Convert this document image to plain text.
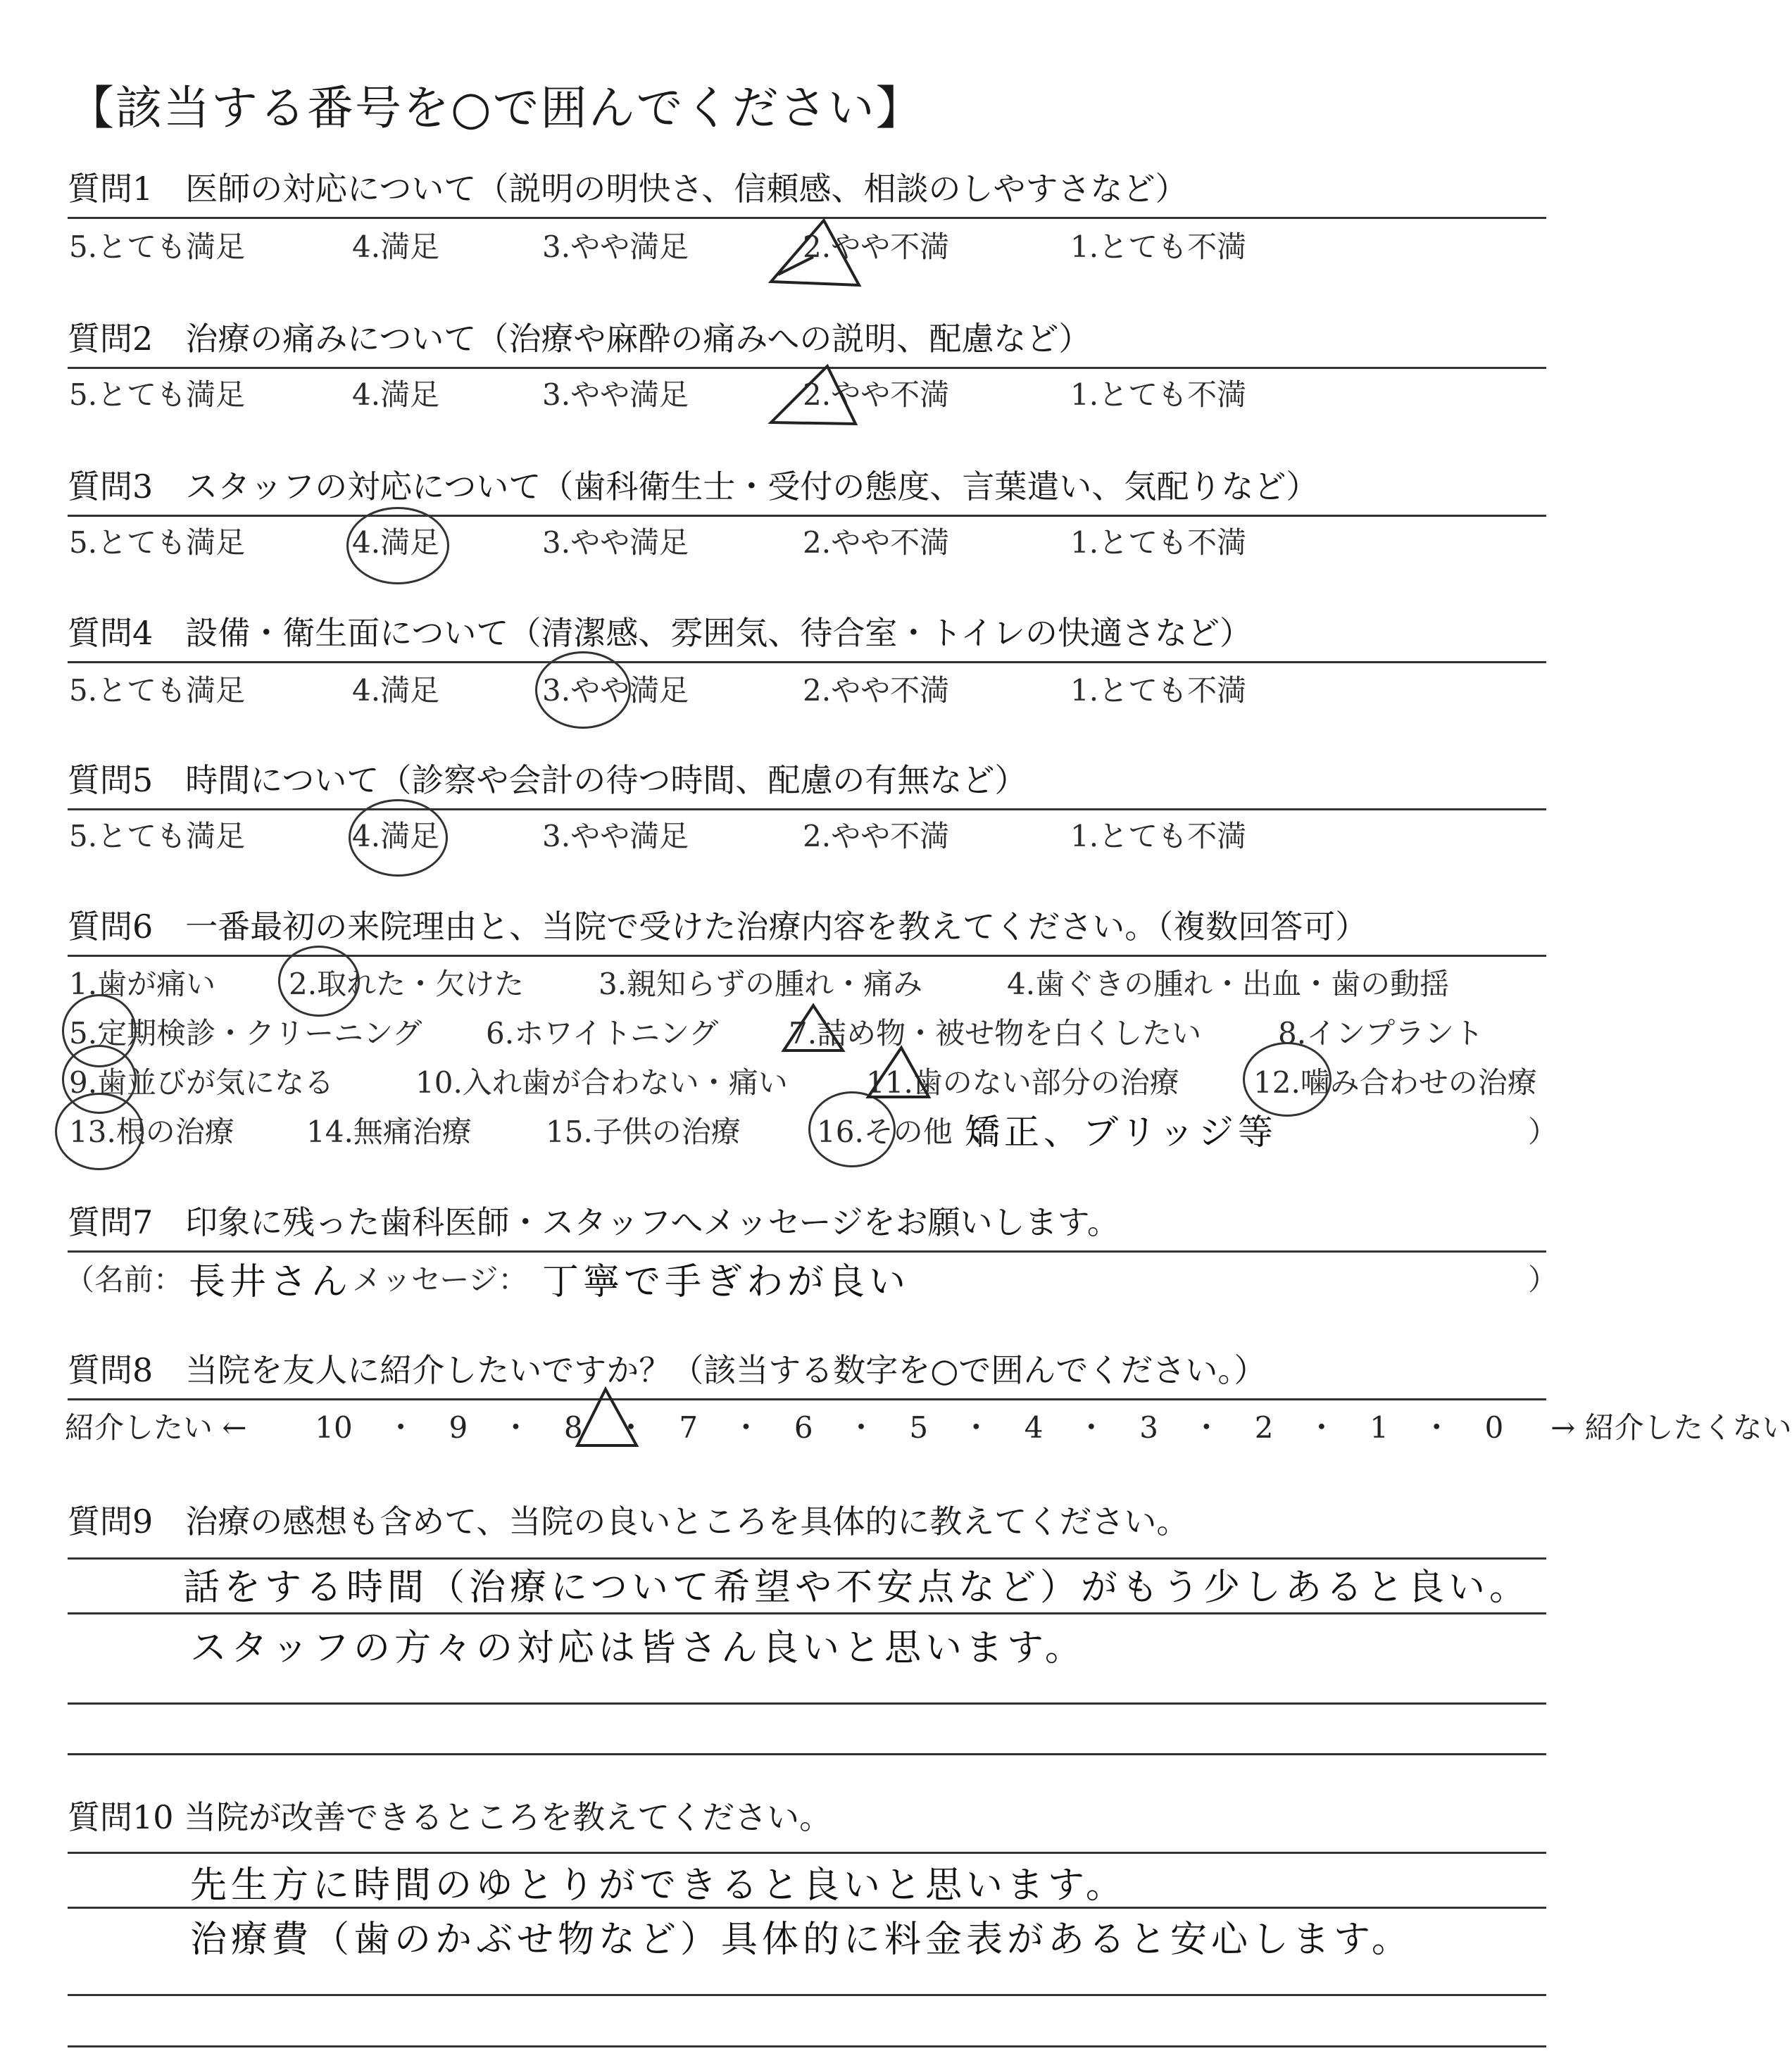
【該当する番号を○で囲んでください】
質問1　医師の対応について（説明の明快さ、信頼感、相談のしやすさなど）
5.とても満足	4.満足	3.やや満足	2.やや不満	1.とても不満
質問2　治療の痛みについて（治療や麻酔の痛みへの説明、配慮など）
5.とても満足	4.満足	3.やや満足	2.やや不満	1.とても不満
質問3　スタッフの対応について（歯科衛生士・受付の態度、言葉遣い、気配りなど）
5.とても満足	4.満足	3.やや満足	2.やや不満	1.とても不満
質問4　設備・衛生面について（清潔感、雰囲気、待合室・トイレの快適さなど）
5.とても満足	4.満足	3.やや満足	2.やや不満	1.とても不満
質問5　時間について（診察や会計の待つ時間、配慮の有無など）
5.とても満足	4.満足	3.やや満足	2.やや不満	1.とても不満
質問6　一番最初の来院理由と、当院で受けた治療内容を教えてください。（複数回答可）
1.歯が痛い 2.取れた・欠けた	3.親知らずの腫れ・痛み	4.歯ぐきの腫れ・出血・歯の動揺
5.定期検診・クリーニング 6.ホワイトニング 7.詰め物・被せ物を白くしたい	8.インプラント
9.歯並びが気になる	10.入れ歯が合わない・痛い	11.歯のない部分の治療	12.噛み合わせの治療
13.根の治療 14.無痛治療	15.子供の治療	16.その他（
矯正、ブリッジ等	）
質問7　印象に残った歯科医師・スタッフへメッセージをお願いします。
（名前： 長井さん メッセージ： 丁寧で手ぎわが良い	）
質問8　当院を友人に紹介したいですか？（該当する数字を○で囲んでください。）
紹介したい ← 10 ・ 9 ・ 8 ・ 7 ・ 6 ・ 5 ・ 4 ・ 3 ・ 2 ・ 1 ・ 0 → 紹介したくない
質問9　治療の感想も含めて、当院の良いところを具体的に教えてください。
話をする時間（治療について希望や不安点など）がもう少しあると良い。
スタッフの方々の対応は皆さん良いと思います。
質問10 当院が改善できるところを教えてください。
先生方に時間のゆとりができると良いと思います。
治療費（歯のかぶせ物など）具体的に料金表があると安心します。
